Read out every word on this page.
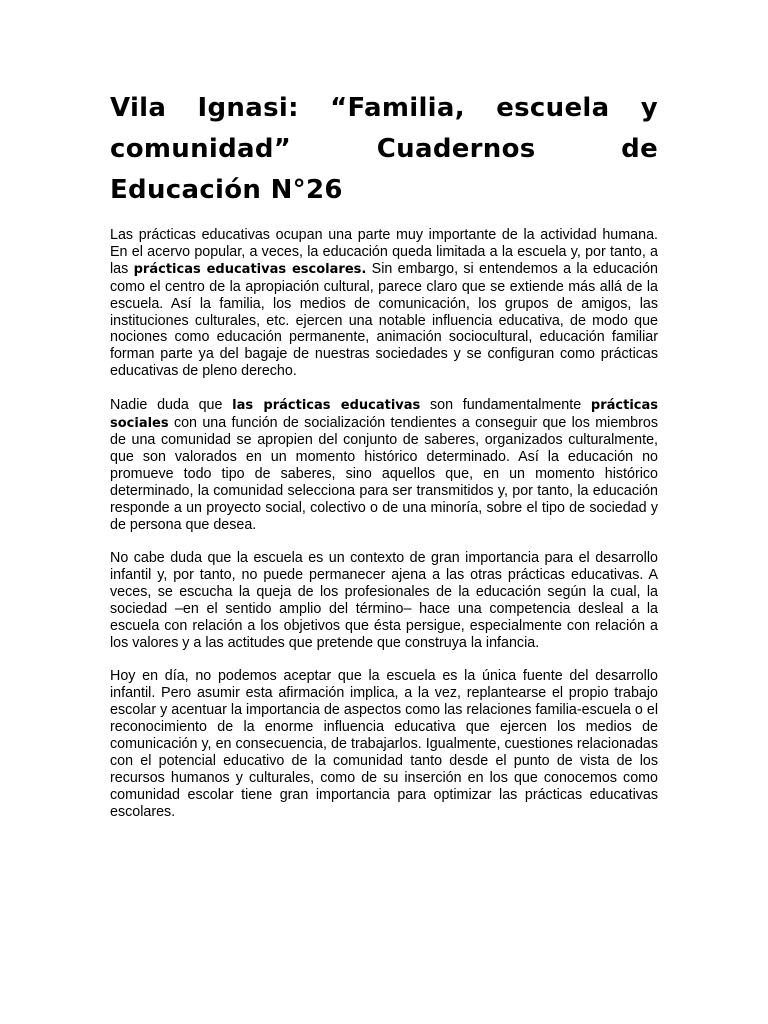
Vila Ignasi: “Familia, escuela y comunidad” Cuadernos de Educación N°26

Las prácticas educativas ocupan una parte muy importante de la actividad humana. En el acervo popular, a veces, la educación queda limitada a la escuela y, por tanto, a las prácticas educativas escolares. Sin embargo, si entendemos a la educación como el centro de la apropiación cultural, parece claro que se extiende más allá de la escuela. Así la familia, los medios de comunicación, los grupos de amigos, las instituciones culturales, etc. ejercen una notable influencia educativa, de modo que nociones como educación permanente, animación sociocultural, educación familiar forman parte ya del bagaje de nuestras sociedades y se configuran como prácticas educativas de pleno derecho.

Nadie duda que las prácticas educativas son fundamentalmente prácticas sociales con una función de socialización tendientes a conseguir que los miembros de una comunidad se apropien del conjunto de saberes, organizados culturalmente, que son valorados en un momento histórico determinado. Así la educación no promueve todo tipo de saberes, sino aquellos que, en un momento histórico determinado, la comunidad selecciona para ser transmitidos y, por tanto, la educación responde a un proyecto social, colectivo o de una minoría, sobre el tipo de sociedad y de persona que desea.

No cabe duda que la escuela es un contexto de gran importancia para el desarrollo infantil y, por tanto, no puede permanecer ajena a las otras prácticas educativas. A veces, se escucha la queja de los profesionales de la educación según la cual, la sociedad –en el sentido amplio del término– hace una competencia desleal a la escuela con relación a los objetivos que ésta persigue, especialmente con relación a los valores y a las actitudes que pretende que construya la infancia.

Hoy en día, no podemos aceptar que la escuela es la única fuente del desarrollo infantil. Pero asumir esta afirmación implica, a la vez, replantearse el propio trabajo escolar y acentuar la importancia de aspectos como las relaciones familia-escuela o el reconocimiento de la enorme influencia educativa que ejercen los medios de comunicación y, en consecuencia, de trabajarlos. Igualmente, cuestiones relacionadas con el potencial educativo de la comunidad tanto desde el punto de vista de los recursos humanos y culturales, como de su inserción en los que conocemos como comunidad escolar tiene gran importancia para optimizar las prácticas educativas escolares.
